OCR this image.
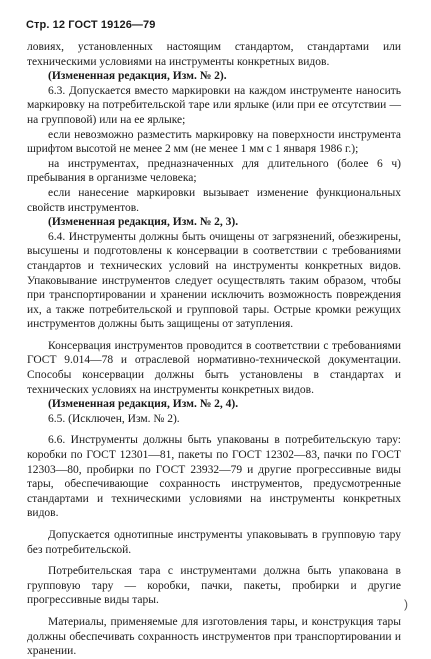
Стр. 12 ГОСТ 19126—79

ловиях, установленных настоящим стандартом, стандартами или техническими условиями на инструменты конкретных видов.

(Измененная редакция, Изм. № 2).

6.3. Допускается вместо маркировки на каждом инструменте наносить маркировку на потребительской таре или ярлыке (или при ее отсутствии — на групповой) или на ее ярлыке;

если невозможно разместить маркировку на поверхности инструмента шрифтом высотой не менее 2 мм (не менее 1 мм с 1 января 1986 г.);

на инструментах, предназначенных для длительного (более 6 ч) пребывания в организме человека;

если нанесение маркировки вызывает изменение функциональных свойств инструментов.

(Измененная редакция, Изм. № 2, 3).

6.4. Инструменты должны быть очищены от загрязнений, обезжирены, высушены и подготовлены к консервации в соответствии с требованиями стандартов и технических условий на инструменты конкретных видов. Упаковывание инструментов следует осуществлять таким образом, чтобы при транспортировании и хранении исключить возможность повреждения их, а также потребительской и групповой тары. Острые кромки режущих инструментов должны быть защищены от затупления.

Консервация инструментов проводится в соответствии с требованиями ГОСТ 9.014—78 и отраслевой нормативно-технической документации. Способы консервации должны быть установлены в стандартах и технических условиях на инструменты конкретных видов.

(Измененная редакция, Изм. № 2, 4).

6.5. (Исключен, Изм. № 2).

6.6. Инструменты должны быть упакованы в потребительскую тару: коробки по ГОСТ 12301—81, пакеты по ГОСТ 12302—83, пачки по ГОСТ 12303—80, пробирки по ГОСТ 23932—79 и другие прогрессивные виды тары, обеспечивающие сохранность инструментов, предусмотренные стандартами и техническими условиями на инструменты конкретных видов.

Допускается однотипные инструменты упаковывать в групповую тару без потребительской.

Потребительская тара с инструментами должна быть упакована в групповую тару — коробки, пачки, пакеты, пробирки и другие прогрессивные виды тары.

Материалы, применяемые для изготовления тары, и конструкция тары должны обеспечивать сохранность инструментов при транспортировании и хранении.

)
